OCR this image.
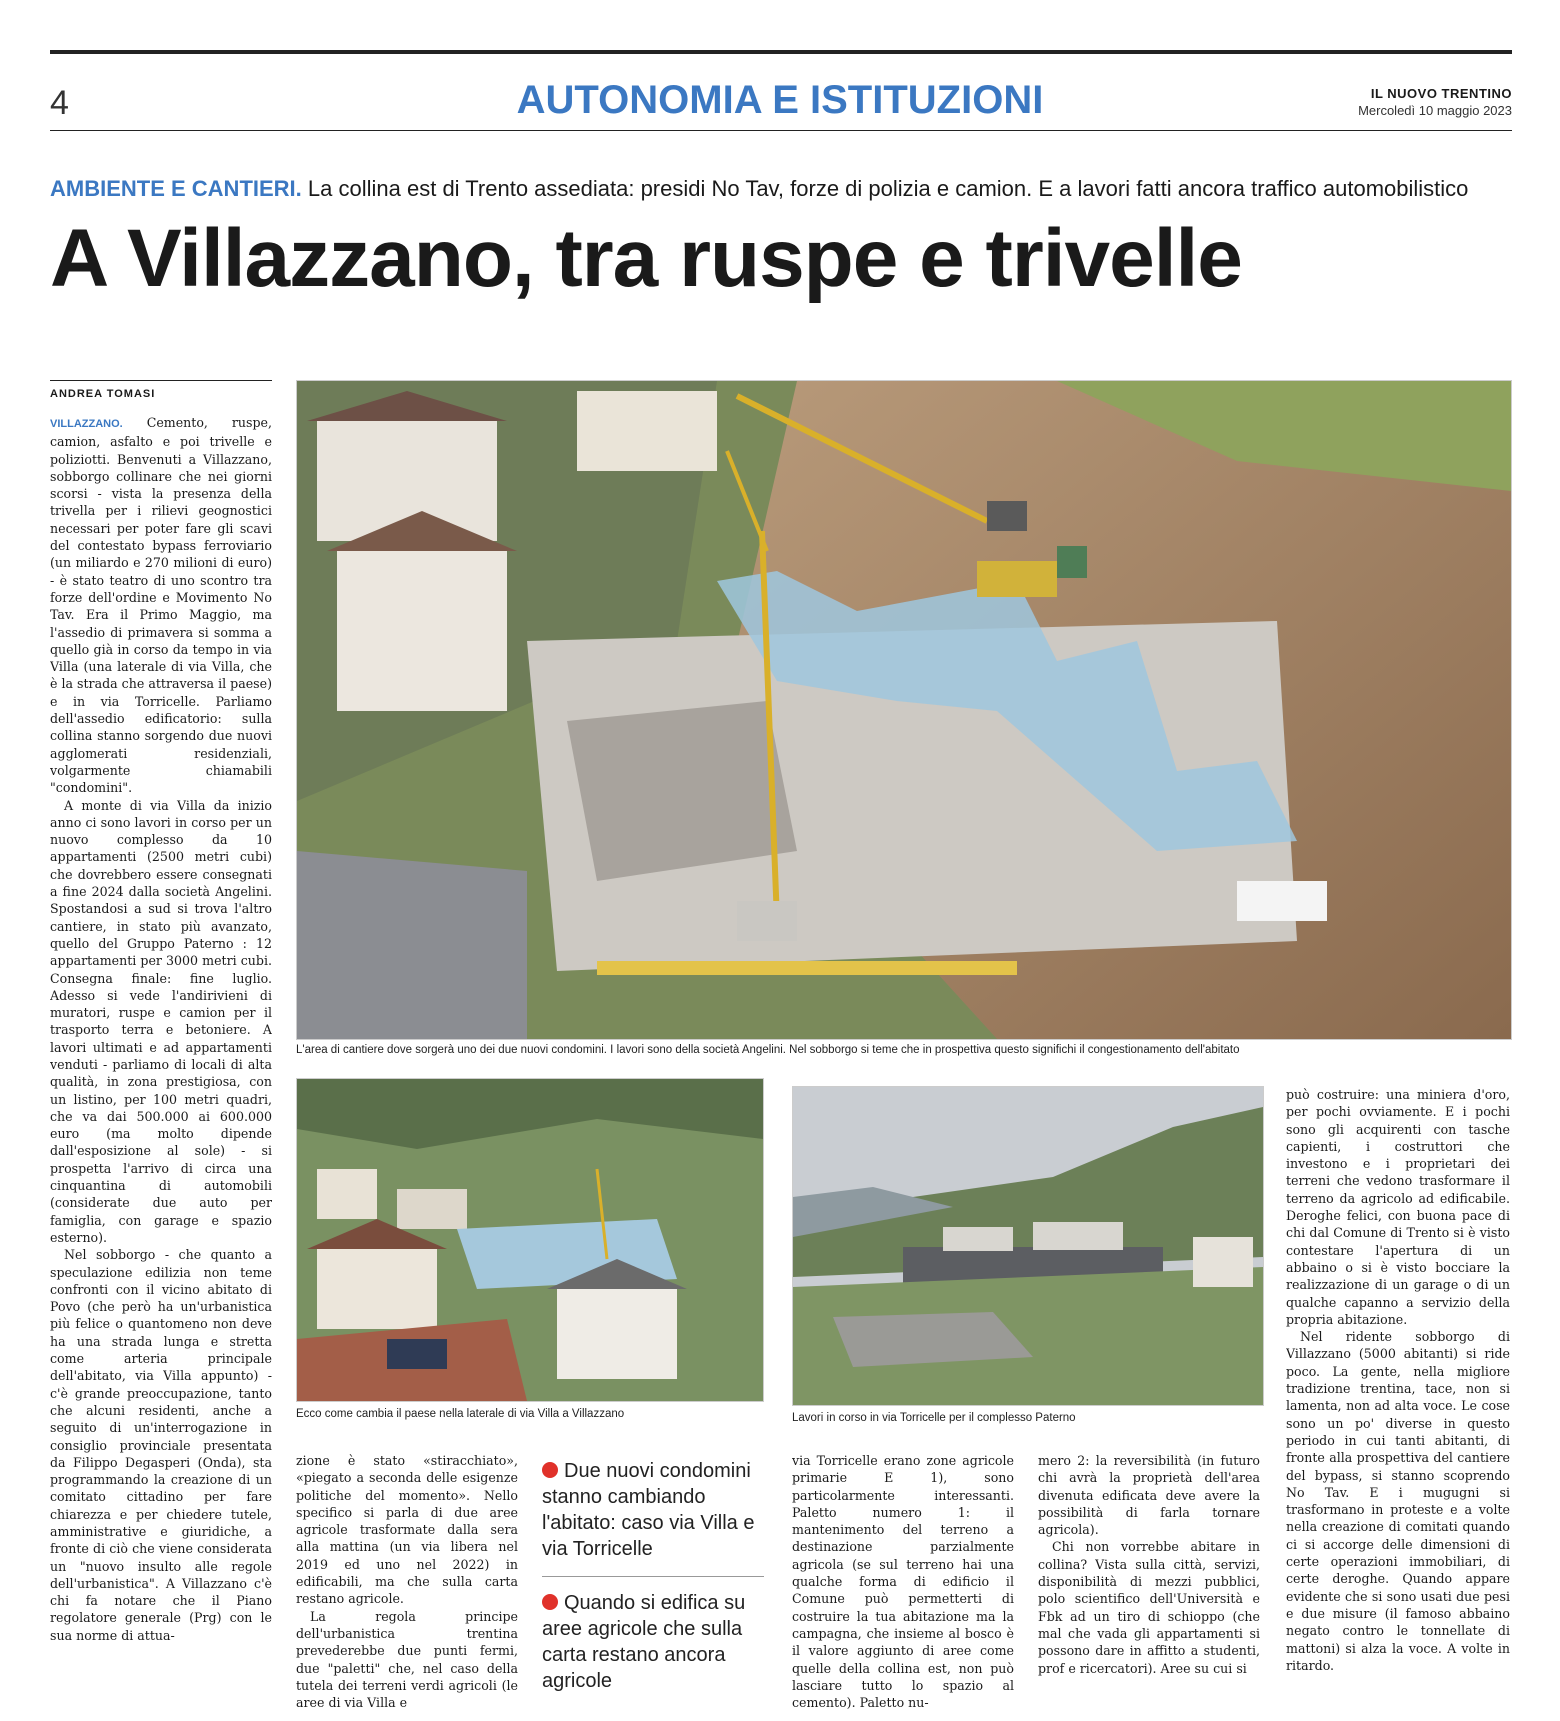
4	AUTONOMIA E ISTITUZIONI	IL NUOVO TRENTINO
Mercoledì 10 maggio 2023
AMBIENTE E CANTIERI. La collina est di Trento assediata: presidi No Tav, forze di polizia e camion. E a lavori fatti ancora traffico automobilistico
A Villazzano, tra ruspe e trivelle
ANDREA TOMASI

VILLAZZANO. Cemento, ruspe, camion, asfalto e poi trivelle e poliziotti. Benvenuti a Villazzano, sobborgo collinare che nei giorni scorsi - vista la presenza della trivella per i rilievi geognostici necessari per poter fare gli scavi del contestato bypass ferroviario (un miliardo e 270 milioni di euro) - è stato teatro di uno scontro tra forze dell'ordine e Movimento No Tav. Era il Primo Maggio, ma l'assedio di primavera si somma a quello già in corso da tempo in via Villa (una laterale di via Villa, che è la strada che attraversa il paese) e in via Torricelle. Parliamo dell'assedio edificatorio: sulla collina stanno sorgendo due nuovi agglomerati residenziali, volgarmente chiamabili "condomini".

A monte di via Villa da inizio anno ci sono lavori in corso per un nuovo complesso da 10 appartamenti (2500 metri cubi) che dovrebbero essere consegnati a fine 2024 dalla società Angelini. Spostandosi a sud si trova l'altro cantiere, in stato più avanzato, quello del Gruppo Paterno : 12 appartamenti per 3000 metri cubi. Consegna finale: fine luglio. Adesso si vede l'andirivieni di muratori, ruspe e camion per il trasporto terra e betoniere. A lavori ultimati e ad appartamenti venduti - parliamo di locali di alta qualità, in zona prestigiosa, con un listino, per 100 metri quadri, che va dai 500.000 ai 600.000 euro (ma molto dipende dall'esposizione al sole) - si prospetta l'arrivo di circa una cinquantina di automobili (considerate due auto per famiglia, con garage e spazio esterno).

Nel sobborgo - che quanto a speculazione edilizia non teme confronti con il vicino abitato di Povo (che però ha un'urbanistica più felice o quantomeno non deve ha una strada lunga e stretta come arteria principale dell'abitato, via Villa appunto) - c'è grande preoccupazione, tanto che alcuni residenti, anche a seguito di un'interrogazione in consiglio provinciale presentata da Filippo Degasperi (Onda), sta programmando la creazione di un comitato cittadino per fare chiarezza e per chiedere tutele, amministrative e giuridiche, a fronte di ciò che viene considerata un "nuovo insulto alle regole dell'urbanistica". A Villazzano c'è chi fa notare che il Piano regolatore generale (Prg) con le sua norme di attua-

L'area di cantiere dove sorgerà uno dei due nuovi condomini. I lavori sono della società Angelini. Nel sobborgo si teme che in prospettiva questo significhi il congestionamento dell'abitato
Ecco come cambia il paese nella laterale di via Villa a Villazzano	Lavori in corso in via Torricelle per il complesso Paterno

zione è stato «stiracchiato», «piegato a seconda delle esigenze politiche del momento». Nello specifico si parla di due aree agricole trasformate dalla sera alla mattina (un via libera nel 2019 ed uno nel 2022) in edificabili, ma che sulla carta restano agricole.

La regola principe dell'urbanistica trentina prevederebbe due punti fermi, due "paletti" che, nel caso della tutela dei terreni verdi agricoli (le aree di via Villa e

Due nuovi condomini stanno cambiando l'abitato: caso via Villa e via Torricelle
Quando si edifica su aree agricole che sulla carta restano ancora agricole

via Torricelle erano zone agricole primarie E 1), sono particolarmente interessanti. Paletto numero 1: il mantenimento del terreno a destinazione parzialmente agricola (se sul terreno hai una qualche forma di edificio il Comune può permetterti di costruire la tua abitazione ma la campagna, che insieme al bosco è il valore aggiunto di aree come quelle della collina est, non può lasciare tutto lo spazio al cemento). Paletto nu-

mero 2: la reversibilità (in futuro chi avrà la proprietà dell'area divenuta edificata deve avere la possibilità di farla tornare agricola).

Chi non vorrebbe abitare in collina? Vista sulla città, servizi, disponibilità di mezzi pubblici, polo scientifico dell'Università e Fbk ad un tiro di schioppo (che mal che vada gli appartamenti si possono dare in affitto a studenti, prof e ricercatori). Aree su cui si

può costruire: una miniera d'oro, per pochi ovviamente. E i pochi sono gli acquirenti con tasche capienti, i costruttori che investono e i proprietari dei terreni che vedono trasformare il terreno da agricolo ad edificabile. Deroghe felici, con buona pace di chi dal Comune di Trento si è visto contestare l'apertura di un abbaino o si è visto bocciare la realizzazione di un garage o di un qualche capanno a servizio della propria abitazione.

Nel ridente sobborgo di Villazzano (5000 abitanti) si ride poco. La gente, nella migliore tradizione trentina, tace, non si lamenta, non ad alta voce. Le cose sono un po' diverse in questo periodo in cui tanti abitanti, di fronte alla prospettiva del cantiere del bypass, si stanno scoprendo No Tav. E i mugugni si trasformano in proteste e a volte nella creazione di comitati quando ci si accorge delle dimensioni di certe operazioni immobiliari, di certe deroghe. Quando appare evidente che si sono usati due pesi e due misure (il famoso abbaino negato contro le tonnellate di mattoni) si alza la voce. A volte in ritardo.
